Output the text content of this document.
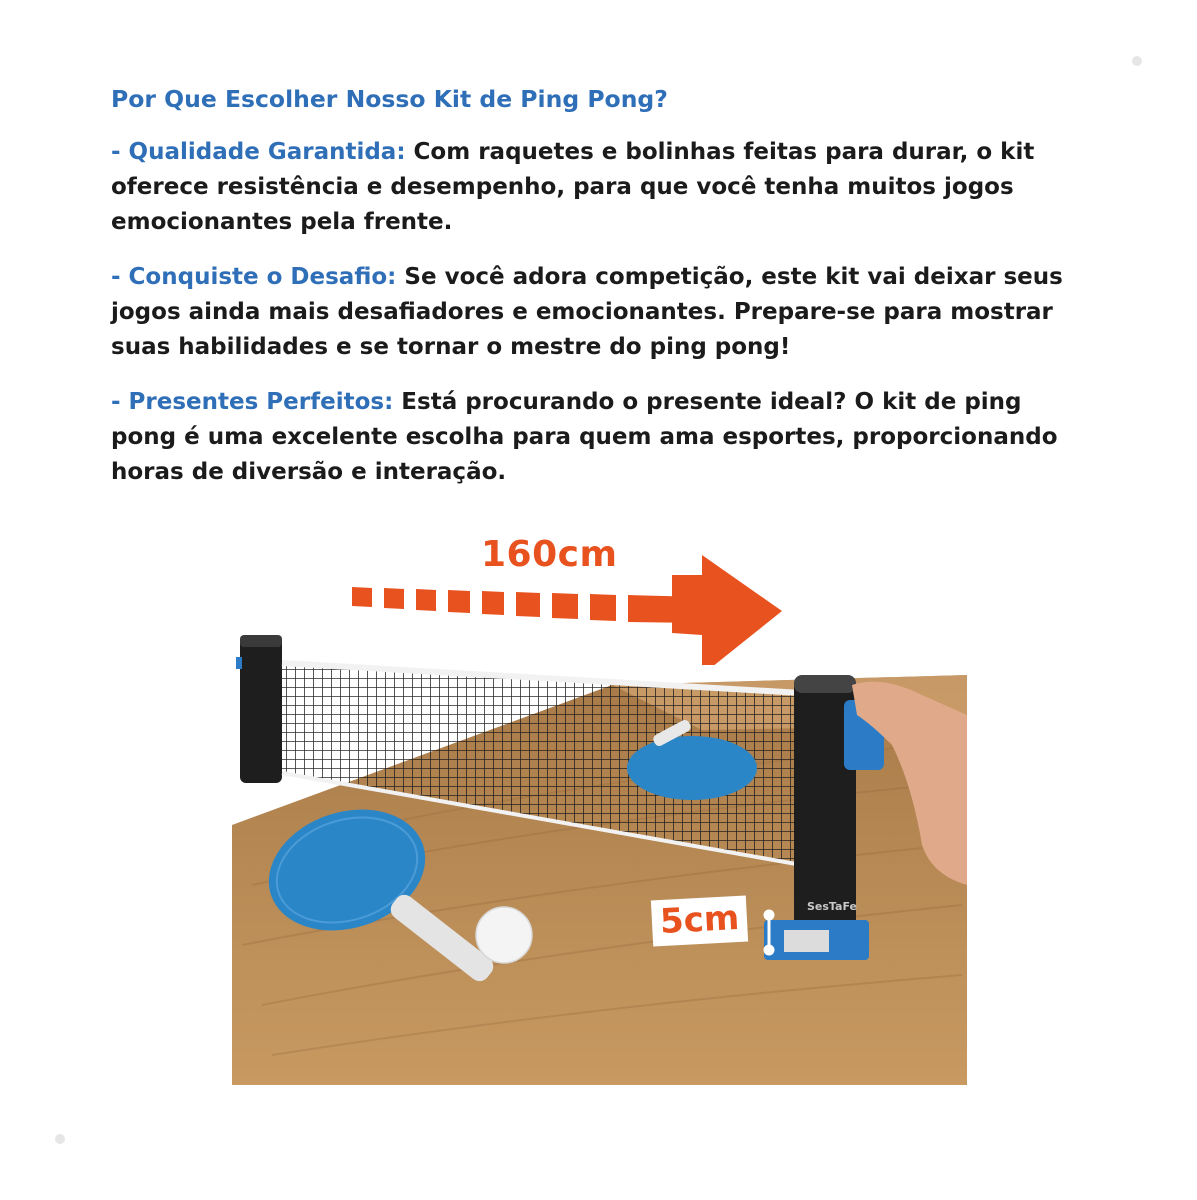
Por Que Escolher Nosso Kit de Ping Pong?

- Qualidade Garantida: Com raquetes e bolinhas feitas para durar, o kit oferece resistência e desempenho, para que você tenha muitos jogos emocionantes pela frente.

- Conquiste o Desafio: Se você adora competição, este kit vai deixar seus jogos ainda mais desafiadores e emocionantes. Prepare-se para mostrar suas habilidades e se tornar o mestre do ping pong!

- Presentes Perfeitos: Está procurando o presente ideal? O kit de ping pong é uma excelente escolha para quem ama esportes, proporcionando horas de diversão e interação.

SesTaFe
160cm
5cm
